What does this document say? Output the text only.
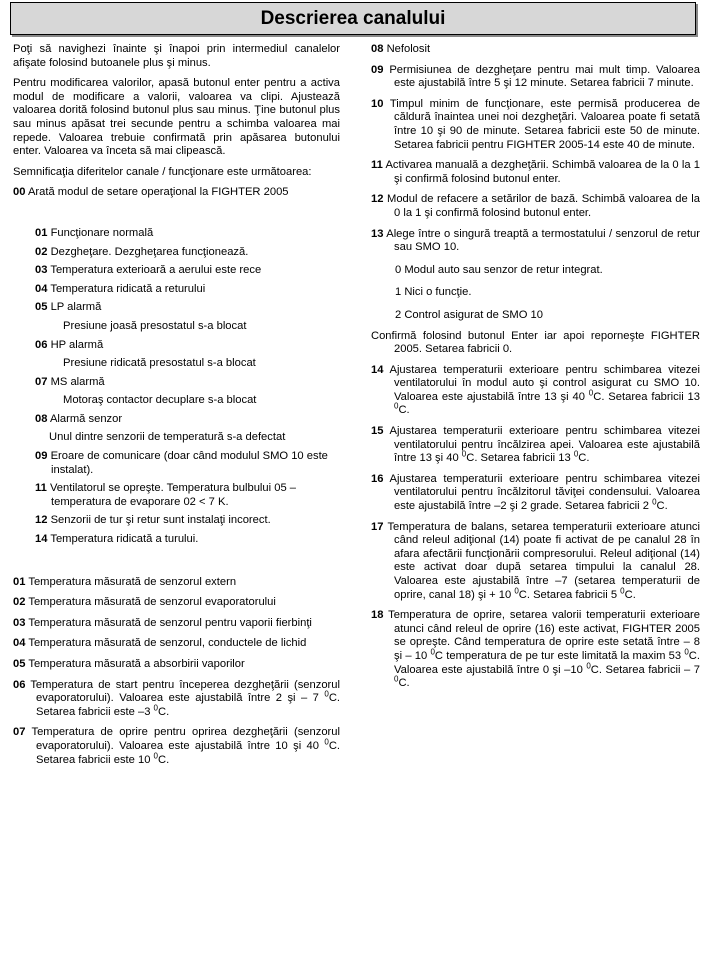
Descrierea canalului

Poţi să navighezi înainte şi înapoi prin intermediul canalelor afişate folosind butoanele plus şi minus.

Pentru modificarea valorilor, apasă butonul enter pentru a activa modul de modificare a valorii, valoarea va clipi. Ajustează valoarea dorită folosind butonul plus sau minus. Ţine butonul plus sau minus apăsat trei secunde pentru a schimba valoarea mai repede. Valoarea trebuie confirmată prin apăsarea butonului enter. Valoarea va înceta să mai clipească.

Semnificaţia diferitelor canale / funcţionare este următoarea:

00 Arată modul de setare operaţional la FIGHTER 2005
01 Funcţionare normală
02 Dezgheţare. Dezgheţarea funcţionează.
03 Temperatura exterioară a aerului este rece
04 Temperatura ridicată a returului
05 LP alarmă
Presiune joasă presostatul s-a blocat
06 HP alarmă
Presiune ridicată presostatul s-a blocat
07 MS alarmă
Motoraş contactor decuplare s-a blocat
08 Alarmă senzor
Unul dintre senzorii de temperatură s-a defectat
09 Eroare de comunicare (doar când modulul SMO 10 este instalat).
11 Ventilatorul se opreşte. Temperatura bulbului 05 – temperatura de evaporare 02 < 7 K.
12 Senzorii de tur şi retur sunt instalaţi incorect.
14 Temperatura ridicată a turului.
01 Temperatura măsurată de senzorul extern
02 Temperatura măsurată de senzorul evaporatorului
03 Temperatura măsurată de senzorul pentru vaporii fierbinţi
04 Temperatura măsurată de senzorul, conductele de lichid
05 Temperatura măsurată a absorbirii vaporilor
06 Temperatura de start pentru începerea dezgheţării (senzorul evaporatorului). Valoarea este ajustabilă între 2 şi – 7 $^0$C. Setarea fabricii este –3 $^0$C.
07 Temperatura de oprire pentru oprirea dezgheţării (senzorul evaporatorului). Valoarea este ajustabilă între 10 şi 40 $^0$C. Setarea fabricii este 10 $^0$C.
08 Nefolosit
09 Permisiunea de dezgheţare pentru mai mult timp. Valoarea este ajustabilă între 5 şi 12 minute. Setarea fabricii 7 minute.
10 Timpul minim de funcţionare, este permisă producerea de căldură înaintea unei noi dezgheţări. Valoarea poate fi setată între 10 şi 90 de minute. Setarea fabricii este 50 de minute. Setarea fabricii pentru FIGHTER 2005-14 este 40 de minute.
11 Activarea manuală a dezgheţării. Schimbă valoarea de la 0 la 1 şi confirmă folosind butonul enter.
12 Modul de refacere a setărilor de bază. Schimbă valoarea de la 0 la 1 şi confirmă folosind butonul enter.
13 Alege între o singură treaptă a termostatului / senzorul de retur sau SMO 10.
0 Modul auto sau senzor de retur integrat.
1 Nici o funcţie.
2 Control asigurat de SMO 10
Confirmă folosind butonul Enter iar apoi reporneşte FIGHTER 2005. Setarea fabricii 0.
14 Ajustarea temperaturii exterioare pentru schimbarea vitezei ventilatorului în modul auto şi control asigurat cu SMO 10. Valoarea este ajustabilă între 13 şi 40 $^0$C. Setarea fabricii 13 $^0$C.
15 Ajustarea temperaturii exterioare pentru schimbarea vitezei ventilatorului pentru încălzirea apei. Valoarea este ajustabilă între 13 şi 40 $^0$C. Setarea fabricii 13 $^0$C.
16 Ajustarea temperaturii exterioare pentru schimbarea vitezei ventilatorului pentru încălzitorul tăviţei condensului. Valoarea este ajustabilă între –2 şi 2 grade. Setarea fabricii 2 $^0$C.
17 Temperatura de balans, setarea temperaturii exterioare atunci când releul adiţional (14) poate fi activat de pe canalul 28 în afara afectării funcţionării compresorului. Releul adiţional (14) este activat doar după setarea timpului la canalul 28. Valoarea este ajustabilă între –7 (setarea temperaturii de oprire, canal 18) şi + 10 $^0$C. Setarea fabricii 5 $^0$C.
18 Temperatura de oprire, setarea valorii temperaturii exterioare atunci când releul de oprire (16) este activat, FIGHTER 2005 se opreşte. Când temperatura de oprire este setată între – 8 şi – 10 $^0$C temperatura de pe tur este limitată la maxim 53 $^0$C. Valoarea este ajustabilă între 0 şi –10 $^0$C. Setarea fabricii – 7 $^0$C.
